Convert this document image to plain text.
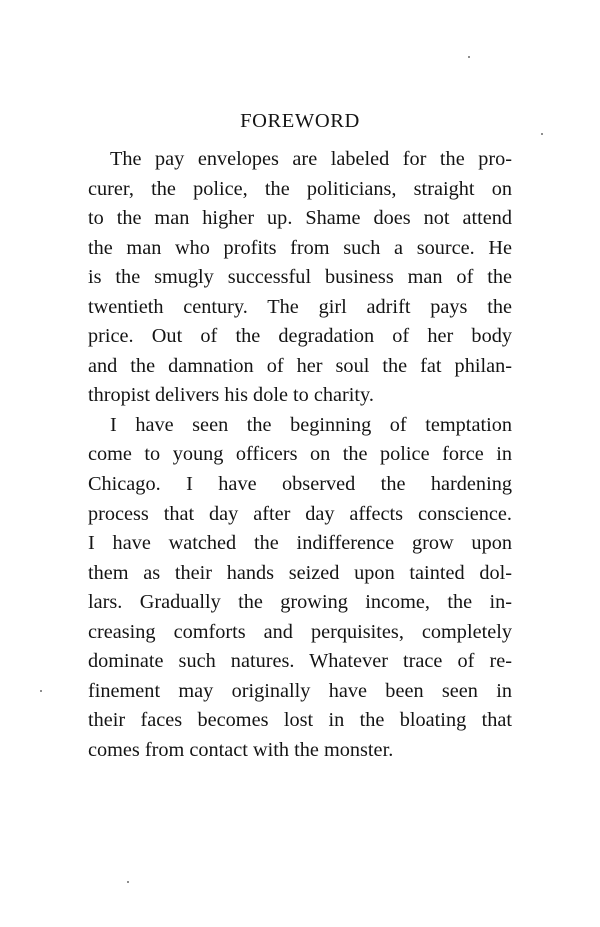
FOREWORD
The pay envelopes are labeled for the pro-
curer, the police, the politicians, straight on
to the man higher up. Shame does not attend
the man who profits from such a source. He
is the smugly successful business man of the
twentieth century. The girl adrift pays the
price. Out of the degradation of her body
and the damnation of her soul the fat philan-
thropist delivers his dole to charity.
I have seen the beginning of temptation
come to young officers on the police force in
Chicago. I have observed the hardening
process that day after day affects conscience.
I have watched the indifference grow upon
them as their hands seized upon tainted dol-
lars. Gradually the growing income, the in-
creasing comforts and perquisites, completely
dominate such natures. Whatever trace of re-
finement may originally have been seen in
their faces becomes lost in the bloating that
comes from contact with the monster.
